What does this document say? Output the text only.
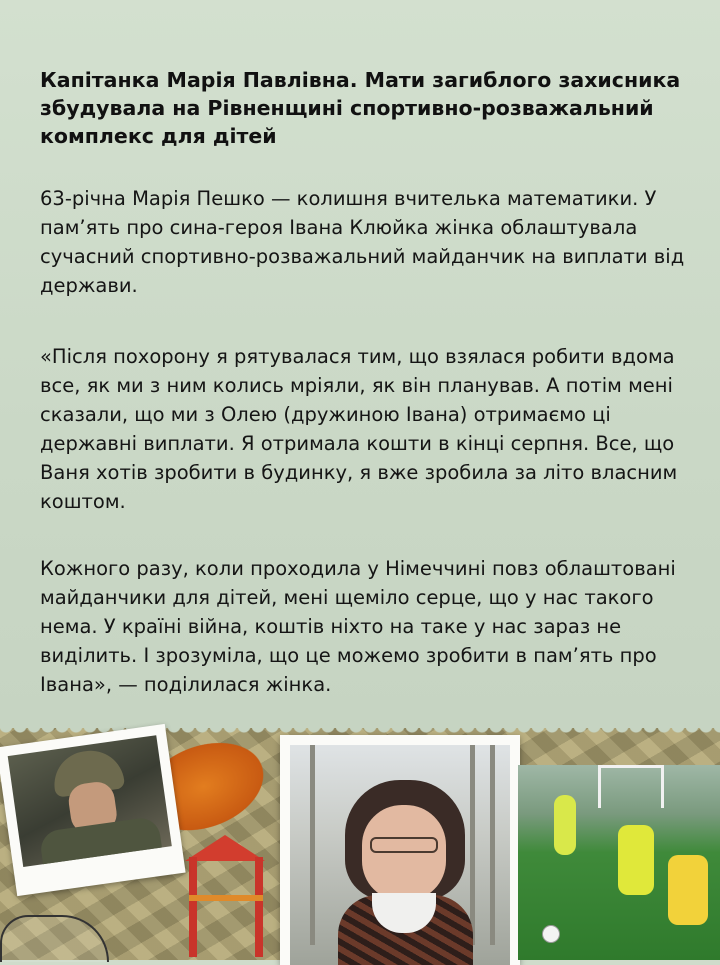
Капітанка Марія Павлівна. Мати загиблого захисника збудувала на Рівненщині спортивно-розважальний комплекс для дітей

63-річна Марія Пешко — колишня вчителька математики. У пам’ять про сина-героя Івана Клюйка жінка облаштувала сучасний спортивно-розважальний майданчик на виплати від держави.

«Після похорону я рятувалася тим, що взялася робити вдома все, як ми з ним колись мріяли, як він планував. А потім мені сказали, що ми з Олею (дружиною Івана) отримаємо ці державні виплати. Я отримала кошти в кінці серпня. Все, що Ваня хотів зробити в будинку, я вже зробила за літо власним коштом.

Кожного разу, коли проходила у Німеччині повз облаштовані майданчики для дітей, мені щеміло серце, що у нас такого нема. У країні війна, коштів ніхто на таке у нас зараз не виділить. І зрозуміла, що це можемо зробити в пам’ять про Івана», — поділилася жінка.
